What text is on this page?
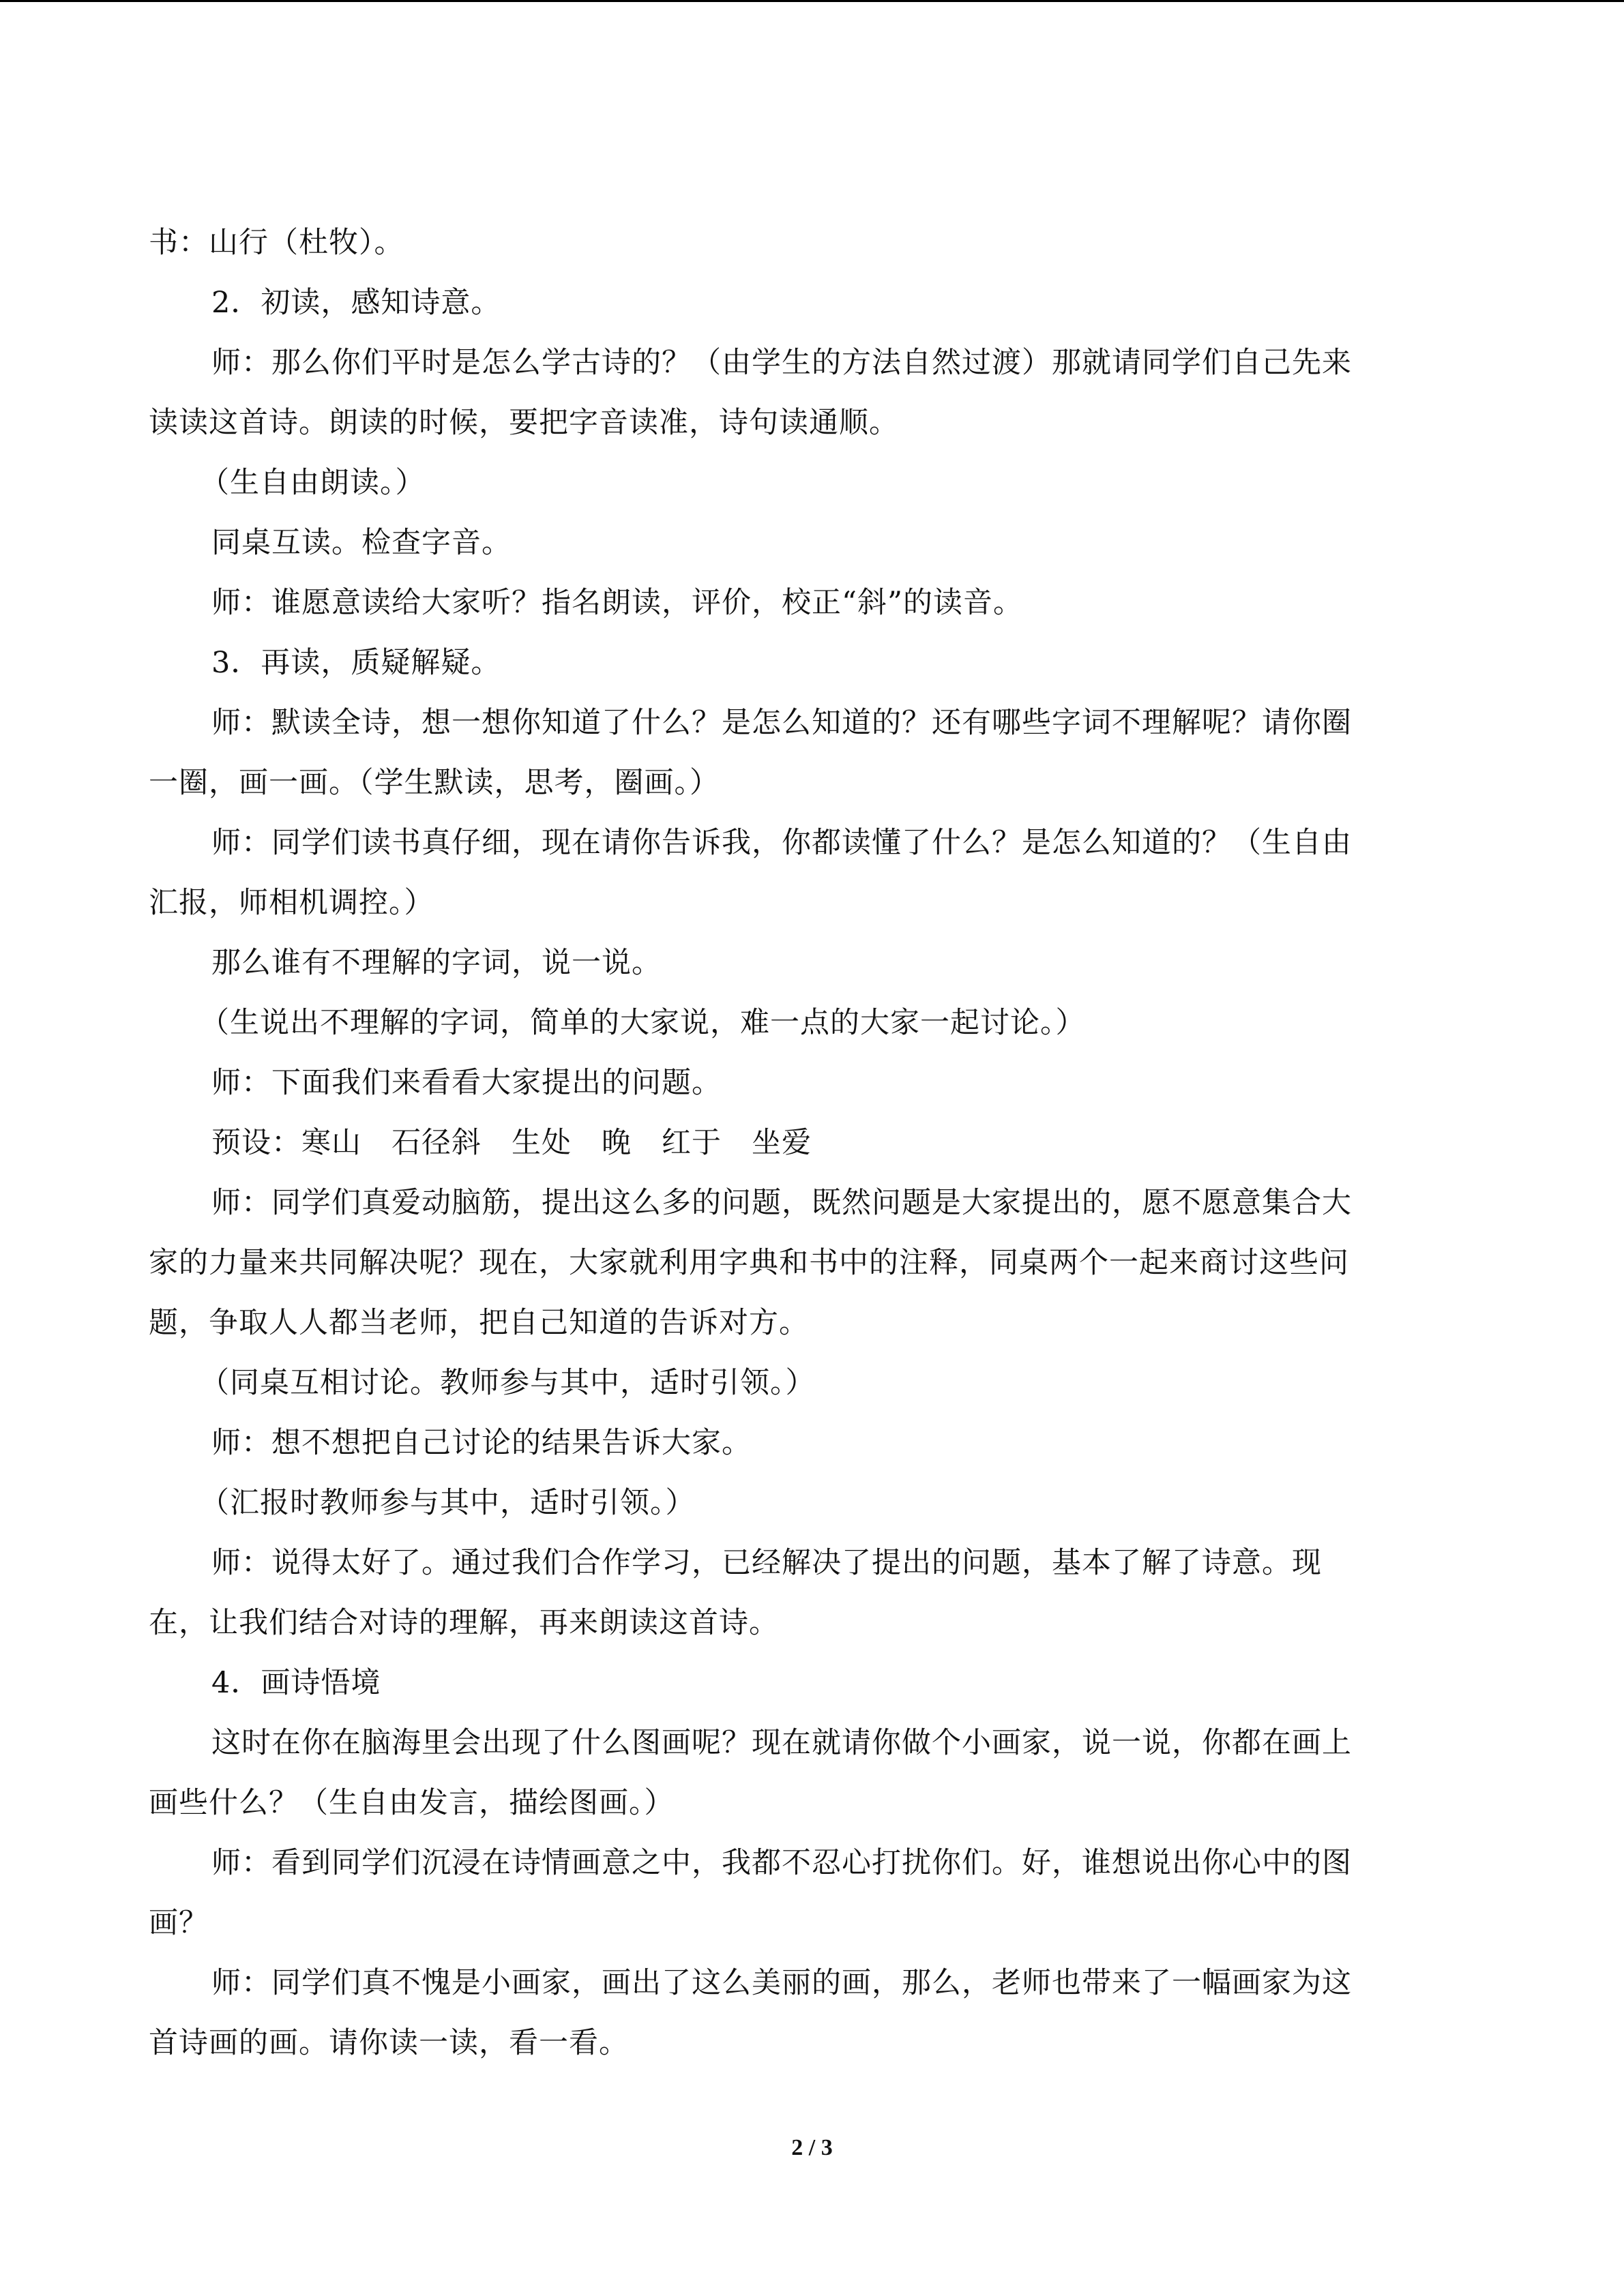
书：山行（杜牧）。
2．初读，感知诗意。
师：那么你们平时是怎么学古诗的？（由学生的方法自然过渡）那就请同学们自己先来
读读这首诗。朗读的时候，要把字音读准，诗句读通顺。
（生自由朗读。）
同桌互读。检查字音。
师：谁愿意读给大家听？指名朗读，评价，校正“斜”的读音。
3．再读，质疑解疑。
师：默读全诗，想一想你知道了什么？是怎么知道的？还有哪些字词不理解呢？请你圈
一圈，画一画。（学生默读，思考，圈画。）
师：同学们读书真仔细，现在请你告诉我，你都读懂了什么？是怎么知道的？（生自由
汇报，师相机调控。）
那么谁有不理解的字词，说一说。
（生说出不理解的字词，简单的大家说，难一点的大家一起讨论。）
师：下面我们来看看大家提出的问题。
预设：寒山　石径斜　生处　晚　红于　坐爱
师：同学们真爱动脑筋，提出这么多的问题，既然问题是大家提出的，愿不愿意集合大
家的力量来共同解决呢？现在，大家就利用字典和书中的注释，同桌两个一起来商讨这些问
题，争取人人都当老师，把自己知道的告诉对方。
（同桌互相讨论。教师参与其中，适时引领。）
师：想不想把自己讨论的结果告诉大家。
（汇报时教师参与其中，适时引领。）
师：说得太好了。通过我们合作学习，已经解决了提出的问题，基本了解了诗意。现
在，让我们结合对诗的理解，再来朗读这首诗。
4．画诗悟境
这时在你在脑海里会出现了什么图画呢？现在就请你做个小画家，说一说，你都在画上
画些什么？（生自由发言，描绘图画。）
师：看到同学们沉浸在诗情画意之中，我都不忍心打扰你们。好，谁想说出你心中的图
画？
师：同学们真不愧是小画家，画出了这么美丽的画，那么，老师也带来了一幅画家为这
首诗画的画。请你读一读，看一看。
2 / 3
